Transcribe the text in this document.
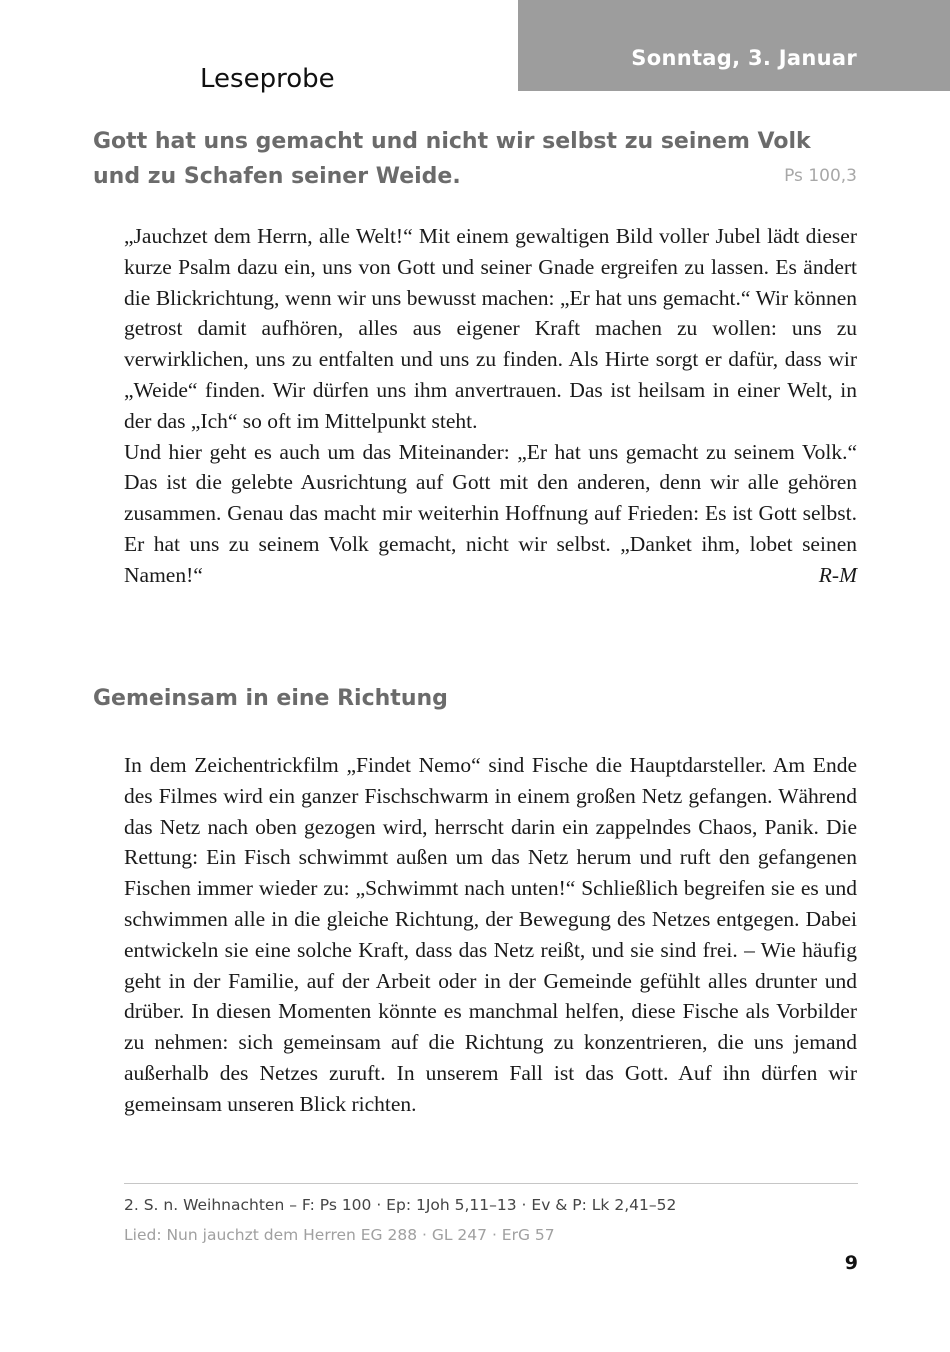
Sonntag, 3. Januar
Leseprobe
Gott hat uns gemacht und nicht wir selbst zu seinem Volk und zu Schafen seiner Weide.	Ps 100,3

„Jauchzet dem Herrn, alle Welt!“ Mit einem gewaltigen Bild voller Jubel lädt dieser kurze Psalm dazu ein, uns von Gott und seiner Gnade ergreifen zu lassen. Es ändert die Blickrichtung, wenn wir uns bewusst machen: „Er hat uns gemacht.“ Wir können getrost damit aufhören, alles aus eigener Kraft machen zu wollen: uns zu verwirklichen, uns zu entfalten und uns zu finden. Als Hirte sorgt er dafür, dass wir „Weide“ finden. Wir dürfen uns ihm anvertrauen. Das ist heilsam in einer Welt, in der das „Ich“ so oft im Mittelpunkt steht.

Und hier geht es auch um das Miteinander: „Er hat uns gemacht zu seinem Volk.“ Das ist die gelebte Ausrichtung auf Gott mit den anderen, denn wir alle gehören zusammen. Genau das macht mir weiterhin Hoffnung auf Frieden: Es ist Gott selbst. Er hat uns zu seinem Volk gemacht, nicht wir selbst. „Danket ihm, lobet seinen Namen!“	R-M

Gemeinsam in eine Richtung

In dem Zeichentrickfilm „Findet Nemo“ sind Fische die Hauptdarsteller. Am Ende des Filmes wird ein ganzer Fischschwarm in einem großen Netz gefangen. Während das Netz nach oben gezogen wird, herrscht darin ein zappelndes Chaos, Panik. Die Rettung: Ein Fisch schwimmt außen um das Netz herum und ruft den gefangenen Fischen immer wieder zu: „Schwimmt nach unten!“ Schließlich begreifen sie es und schwimmen alle in die gleiche Richtung, der Bewegung des Netzes entgegen. Dabei entwickeln sie eine solche Kraft, dass das Netz reißt, und sie sind frei. – Wie häufig geht in der Familie, auf der Arbeit oder in der Gemeinde gefühlt alles drunter und drüber. In diesen Momenten könnte es manchmal helfen, diese Fische als Vorbilder zu nehmen: sich gemeinsam auf die Richtung zu konzentrieren, die uns jemand außerhalb des Netzes zuruft. In unserem Fall ist das Gott. Auf ihn dürfen wir gemeinsam unseren Blick richten.

2. S. n. Weihnachten – F: Ps 100 · Ep: 1Joh 5,11–13 · Ev & P: Lk 2,41–52
Lied: Nun jauchzt dem Herren EG 288 · GL 247 · ErG 57
9
